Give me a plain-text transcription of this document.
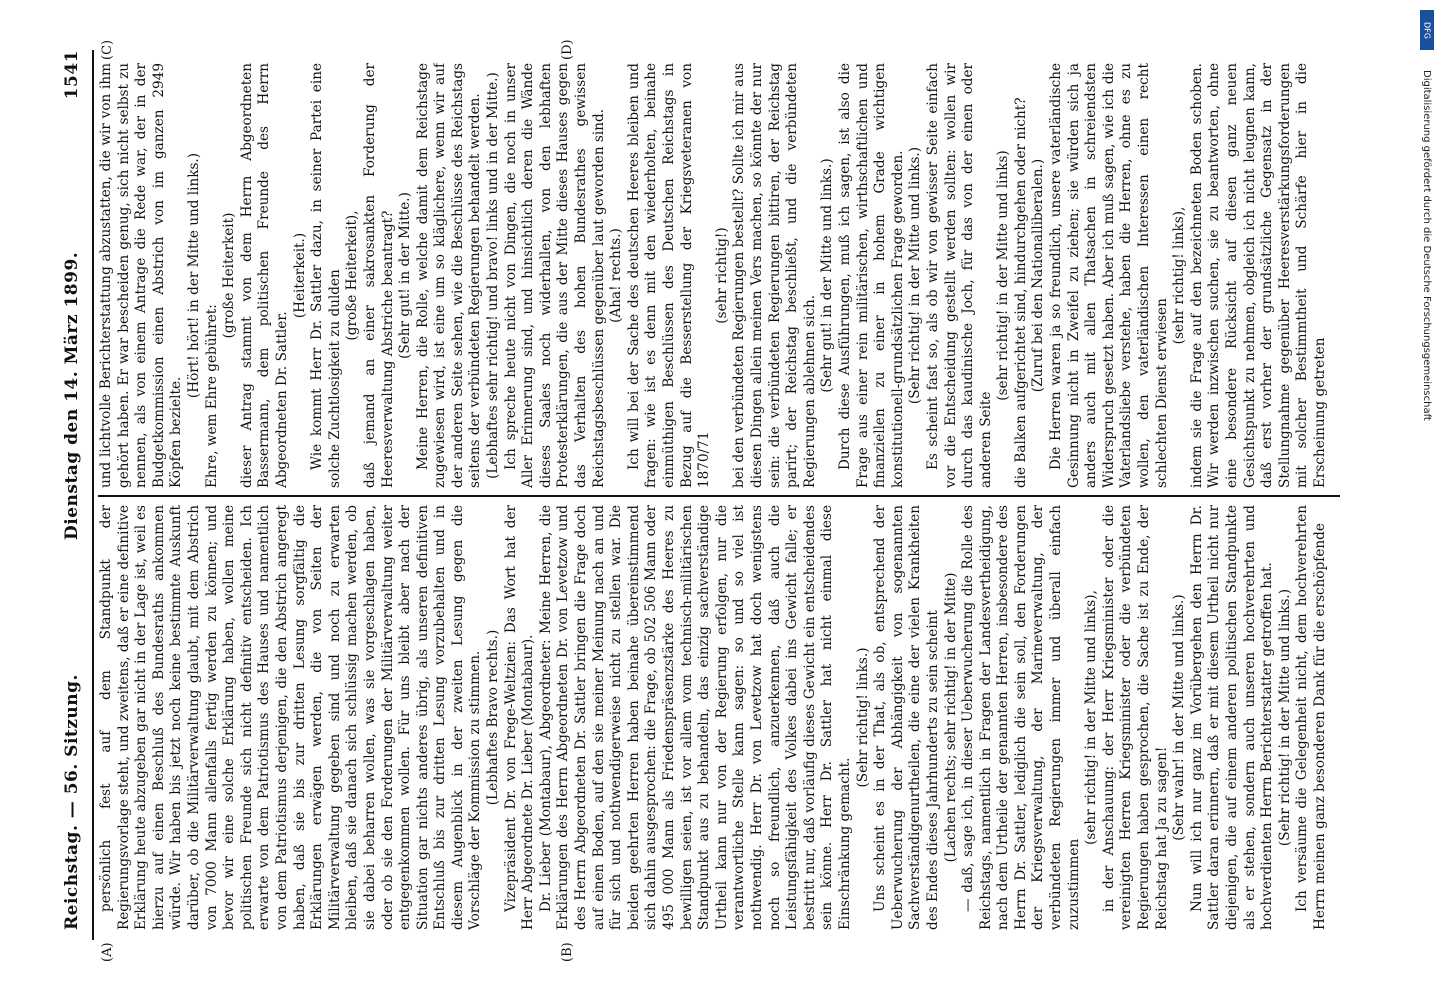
Reichstag. — 56. Sitzung.
Dienstag den 14. März 1899.
1541
(A)	(B)
(C)	(D)

persönlich fest auf dem Standpunkt der Regierungsvorlage steht, und zweitens, daß er eine definitive Erklärung heute abzugeben gar nicht in der Lage ist, weil es hierzu auf einen Beschluß des Bundesraths ankommen würde. Wir haben bis jetzt noch keine bestimmte Auskunft darüber, ob die Militärverwaltung glaubt, mit dem Abstrich von 7000 Mann allenfalls fertig werden zu können; und bevor wir eine solche Erklärung haben, wollen meine politischen Freunde sich nicht definitiv entscheiden. Ich erwarte von dem Patriotismus des Hauses und namentlich von dem Patriotismus derjenigen, die den Abstrich angeregt haben, daß sie bis zur dritten Lesung sorgfältig die Erklärungen erwägen werden, die von Seiten der Militärverwaltung gegeben sind und noch zu erwarten bleiben, daß sie danach sich schlüssig machen werden, ob sie dabei beharren wollen, was sie vorgeschlagen haben, oder ob sie den Forderungen der Militärverwaltung weiter entgegenkommen wollen. Für uns bleibt aber nach der Situation gar nichts anderes übrig, als unseren definitiven Entschluß bis zur dritten Lesung vorzubehalten und in diesem Augenblick in der zweiten Lesung gegen die Vorschläge der Kommission zu stimmen. (Lebhaftes Bravo rechts.) Vizepräsident Dr. von Frege-Weltzien: Das Wort hat der Herr Abgeordnete Dr. Lieber (Montabaur). Dr. Lieber (Montabaur), Abgeordneter: Meine Herren, die Erklärungen des Herrn Abgeordneten Dr. von Levetzow und des Herrn Abgeordneten Dr. Sattler bringen die Frage doch auf einen Boden, auf den sie meiner Meinung nach an und für sich und nothwendigerweise nicht zu stellen war. Die beiden geehrten Herren haben beinahe übereinstimmend sich dahin ausgesprochen: die Frage, ob 502 506 Mann oder 495 000 Mann als Friedenspräsenzstärke des Heeres zu bewilligen seien, ist vor allem vom technisch-militärischen Standpunkt aus zu behandeln, das einzig sachverständige Urtheil kann nur von der Regierung erfolgen, nur die verantwortliche Stelle kann sagen: so und so viel ist nothwendig. Herr Dr. von Levetzow hat doch wenigstens noch so freundlich, anzuerkennen, daß auch die Leistungsfähigkeit des Volkes dabei ins Gewicht falle; er bestritt nur, daß vorläufig dieses Gewicht ein entscheidendes sein könne. Herr Dr. Sattler hat nicht einmal diese Einschränkung gemacht.

(Sehr richtig! links.) Uns scheint es in der That, als ob, entsprechend der Ueberwucherung der Abhängigkeit von sogenannten Sachverständigenurtheilen, die eine der vielen Krankheiten des Endes dieses Jahrhunderts zu sein scheint (Lachen rechts; sehr richtig! in der Mitte) — daß, sage ich, in dieser Ueberwucherung die Rolle des Reichstags, namentlich in Fragen der Landesvertheidigung, nach dem Urtheile der genannten Herren, insbesondere des Herrn Dr. Sattler, lediglich die sein soll, den Forderungen der Kriegsverwaltung, der Marineverwaltung, der verbündeten Regierungen immer und überall einfach zuzustimmen

(sehr richtig! in der Mitte und links), in der Anschauung: der Herr Kriegsminister oder die vereinigten Herren Kriegsminister oder die verbündeten Regierungen haben gesprochen, die Sache ist zu Ende, der Reichstag hat Ja zu sagen! (Sehr wahr! in der Mitte und links.) Nun will ich nur ganz im Vorübergehen den Herrn Dr. Sattler daran erinnern, daß er mit diesem Urtheil nicht nur diejenigen, die auf einem anderen politischen Standpunkte als er stehen, sondern auch unseren hochverehrten und hochverdienten Herrn Berichterstatter getroffen hat. (Sehr richtig! in der Mitte und links.) Ich versäume die Gelegenheit nicht, dem hochverehrten Herrn meinen ganz besonderen Dank für die erschöpfende

und lichtvolle Berichterstattung abzustatten, die wir von ihm gehört haben. Er war bescheiden genug, sich nicht selbst zu nennen, als von einem Antrage die Rede war, der in der Budgetkommission einen Abstrich von im ganzen 2949 Köpfen bezielte.

(Hört! hört! in der Mitte und links.) Ehre, wem Ehre gebühret:

(große Heiterkeit) dieser Antrag stammt von dem Herrn Abgeordneten Bassermann, dem politischen Freunde des Herrn Abgeordneten Dr. Sattler.

(Heiterkeit.) Wie kommt Herr Dr. Sattler dazu, in seiner Partei eine solche Zuchtlosigkeit zu dulden (große Heiterkeit), daß jemand an einer sakrosankten Forderung der Heeresverwaltung Abstriche beantragt? (Sehr gut! in der Mitte.) Meine Herren, die Rolle, welche damit dem Reichstage zugewiesen wird, ist eine um so kläglichere, wenn wir auf der anderen Seite sehen, wie die Beschlüsse des Reichstags seitens der verbündeten Regierungen behandelt werden. (Lebhaftes sehr richtig! und bravo! links und in der Mitte.) Ich spreche heute nicht von Dingen, die noch in unser Aller Erinnerung sind, und hinsichtlich deren die Wände dieses Saales noch widerhallen, von den lebhaften Protesterklärungen, die aus der Mitte dieses Hauses gegen das Verhalten des hohen Bundesrathes gewissen Reichstagsbeschlüssen gegenüber laut geworden sind. (Aha! rechts.) Ich will bei der Sache des deutschen Heeres bleiben und fragen: wie ist es denn mit den wiederholten, beinahe einmüthigen Beschlüssen des Deutschen Reichstags in Bezug auf die Besserstellung der Kriegsveteranen von 1870/71

(sehr richtig!) bei den verbündeten Regierungen bestellt? Sollte ich mir aus diesen Dingen allein meinen Vers machen, so könnte der nur sein: die verbündeten Regierungen bittiren, der Reichstag parirt; der Reichstag beschließt, und die verbündeten Regierungen ablehnen sich. (Sehr gut! in der Mitte und links.) Durch diese Ausführungen, muß ich sagen, ist also die Frage aus einer rein militärischen, wirthschaftlichen und finanziellen zu einer in hohem Grade wichtigen konstitutionell-grundsätzlichen Frage geworden. (Sehr richtig! in der Mitte und links.) Es scheint fast so, als ob wir von gewisser Seite einfach vor die Entscheidung gestellt werden sollten: wollen wir durch das kaudinische Joch, für das von der einen oder anderen Seite

(sehr richtig! in der Mitte und links) die Balken aufgerichtet sind, hindurchgehen oder nicht? (Zuruf bei den Nationalliberalen.) Die Herren waren ja so freundlich, unsere vaterländische Gesinnung nicht in Zweifel zu ziehen; sie würden sich ja anders auch mit allen Thatsachen in schreiendsten Widerspruch gesetzt haben. Aber ich muß sagen, wie ich die Vaterlandsliebe verstehe, haben die Herren, ohne es zu wollen, den vaterländischen Interessen einen recht schlechten Dienst erwiesen

(sehr richtig! links), indem sie die Frage auf den bezeichneten Boden schoben. Wir werden inzwischen suchen, sie zu beantworten, ohne eine besondere Rücksicht auf diesen ganz neuen Gesichtspunkt zu nehmen, obgleich ich nicht leugnen kann, daß erst vorher der grundsätzliche Gegensatz in der Stellungnahme gegenüber Heeresverstärkungsforderungen mit solcher Bestimmtheit und Schärfe hier in die Erscheinung getreten

DFG
Digitalisierung gefördert durch die Deutsche Forschungsgemeinschaft
